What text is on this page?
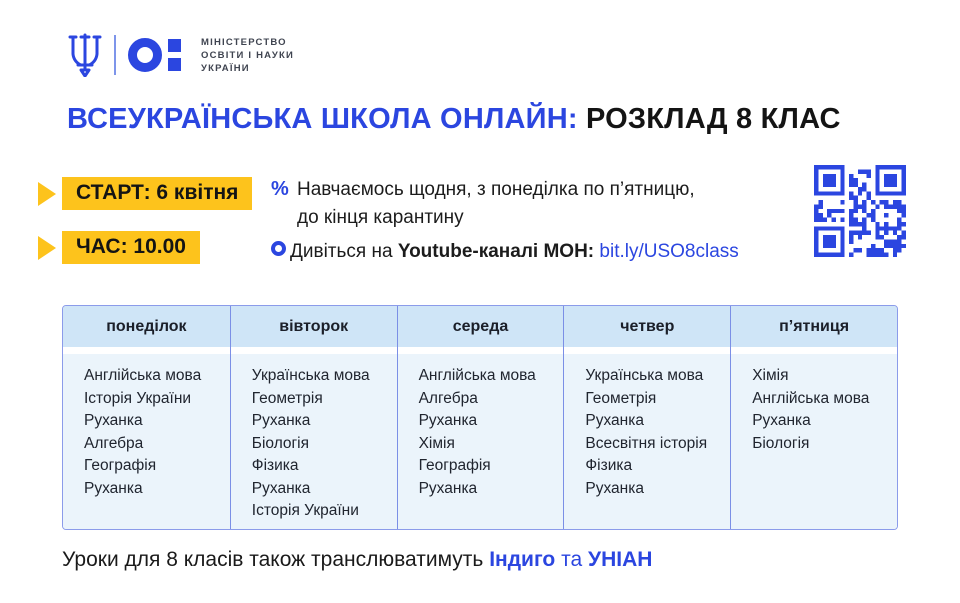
МІНІСТЕРСТВО
ОСВІТИ І НАУКИ
УКРАЇНИ
ВСЕУКРАЇНСЬКА ШКОЛА ОНЛАЙН: РОЗКЛАД 8 КЛАС
СТАРТ: 6 квітня
ЧАС: 10.00
% Навчаємось щодня, з понеділка по п’ятницю,
до кінця карантину
Дивіться на Youtube-каналі МОН: bit.ly/USO8class
понеділок
Англійська мова
Історія України
Руханка
Алгебра
Географія
Руханка
вівторок
Українська мова
Геометрія
Руханка
Біологія
Фізика
Руханка
Історія України
середа
Англійська мова
Алгебра
Руханка
Хімія
Географія
Руханка
четвер
Українська мова
Геометрія
Руханка
Всесвітня історія
Фізика
Руханка
п’ятниця
Хімія
Англійська мова
Руханка
Біологія
Уроки для 8 класів також транслюватимуть Індиго та УНІАН
